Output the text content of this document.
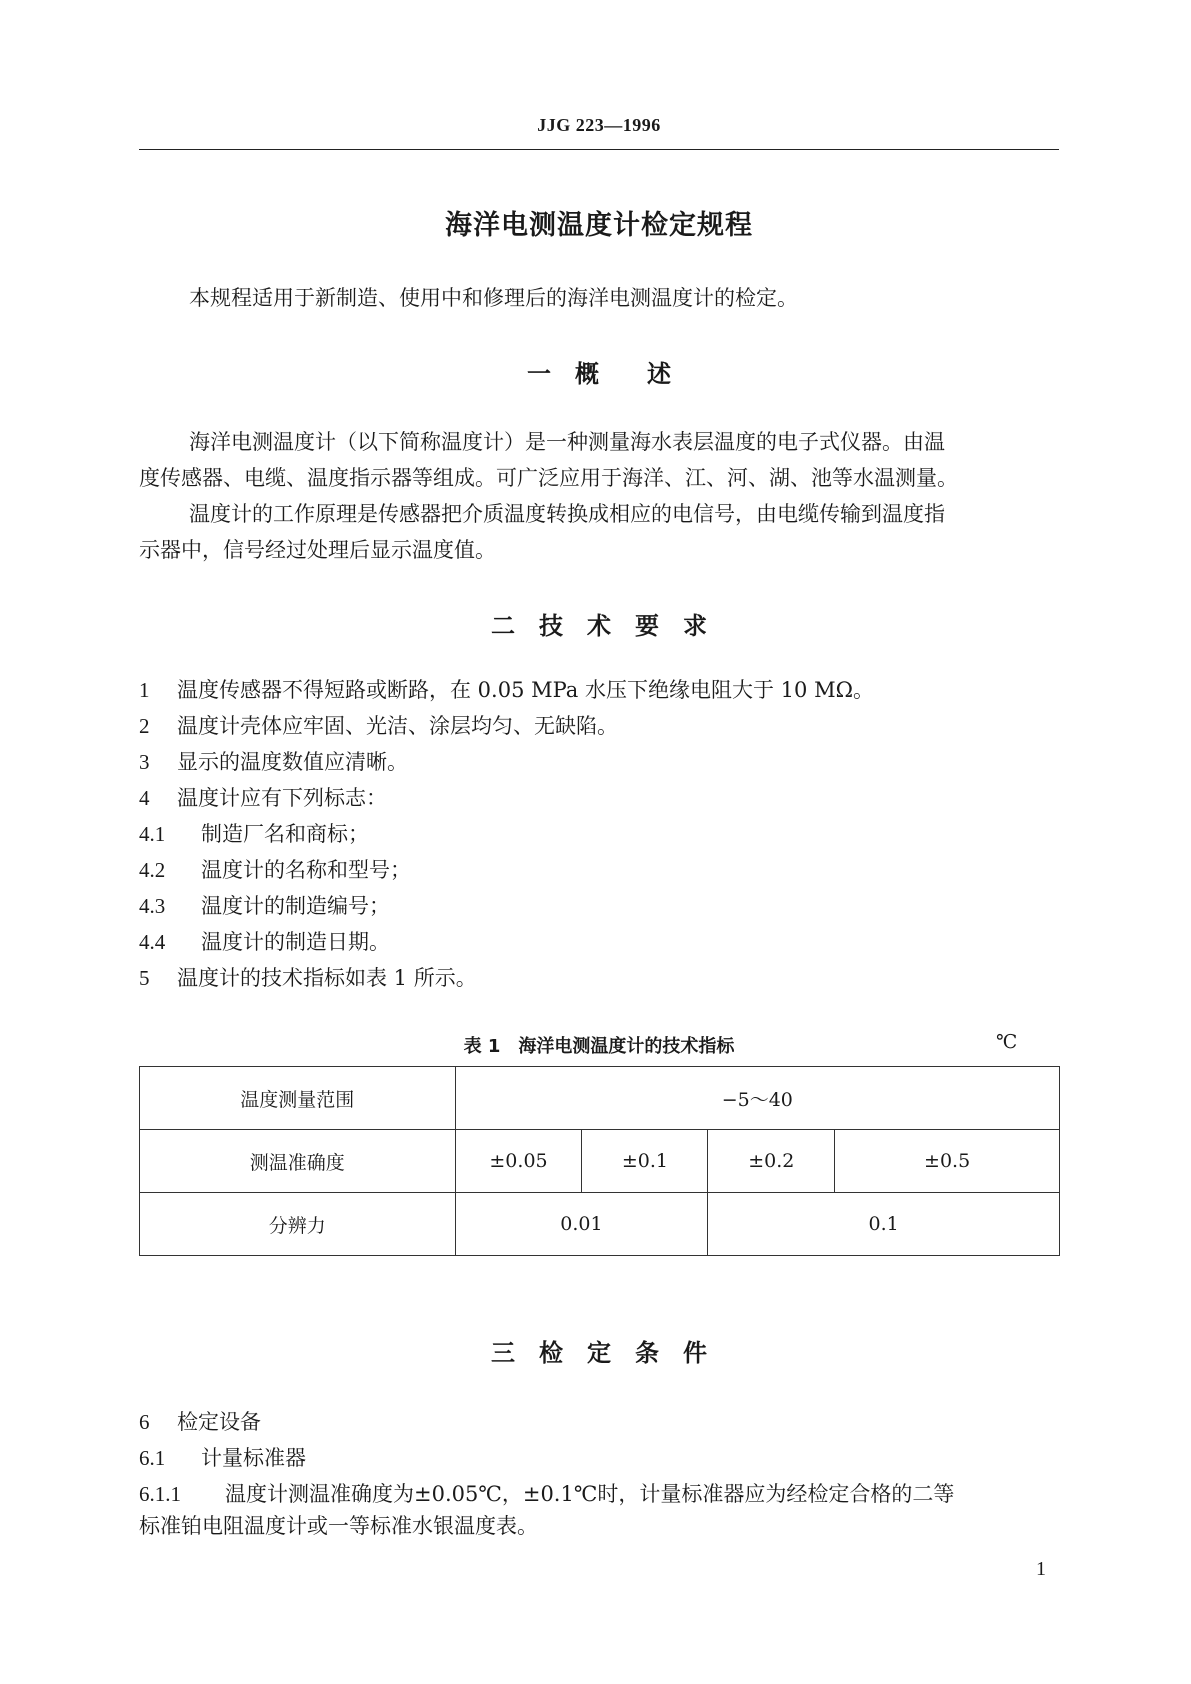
JJG 223—1996
海洋电测温度计检定规程
本规程适用于新制造、使用中和修理后的海洋电测温度计的检定。
一　概　　述
海洋电测温度计（以下简称温度计）是一种测量海水表层温度的电子式仪器。由温
度传感器、电缆、温度指示器等组成。可广泛应用于海洋、江、河、湖、池等水温测量。
温度计的工作原理是传感器把介质温度转换成相应的电信号，由电缆传输到温度指
示器中，信号经过处理后显示温度值。
二　技　术　要　求
1 温度传感器不得短路或断路，在 0.05 MPa 水压下绝缘电阻大于 10 MΩ。
2 温度计壳体应牢固、光洁、涂层均匀、无缺陷。
3 显示的温度数值应清晰。
4 温度计应有下列标志：
4.1 制造厂名和商标；
4.2 温度计的名称和型号；
4.3 温度计的制造编号；
4.4 温度计的制造日期。
5 温度计的技术指标如表 1 所示。
表 1　海洋电测温度计的技术指标	℃
温度测量范围	−5～40			
测温准确度	±0.05	±0.1	±0.2	±0.5
分辨力	0.01		0.1	
三　检　定　条　件
6 检定设备
6.1 计量标准器
6.1.1 温度计测温准确度为±0.05℃，±0.1℃时，计量标准器应为经检定合格的二等
标准铂电阻温度计或一等标准水银温度表。
1
